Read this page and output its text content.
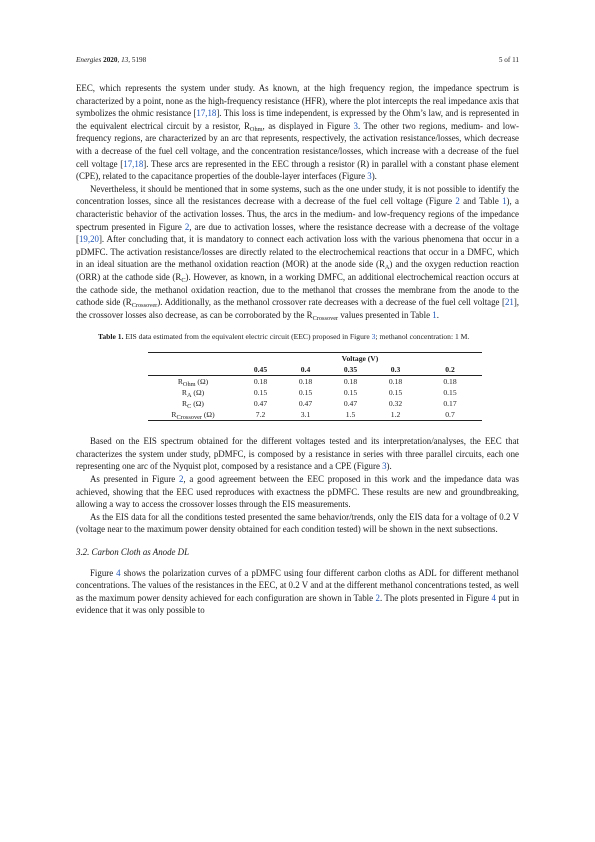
Energies 2020, 13, 5198	5 of 11

EEC, which represents the system under study. As known, at the high frequency region, the impedance spectrum is characterized by a point, none as the high-frequency resistance (HFR), where the plot intercepts the real impedance axis that symbolizes the ohmic resistance [17,18]. This loss is time independent, is expressed by the Ohm’s law, and is represented in the equivalent electrical circuit by a resistor, $R_{Ohm}$, as displayed in Figure 3. The other two regions, medium- and low-frequency regions, are characterized by an arc that represents, respectively, the activation resistance/losses, which decrease with a decrease of the fuel cell voltage, and the concentration resistance/losses, which increase with a decrease of the fuel cell voltage [17,18]. These arcs are represented in the EEC through a resistor (R) in parallel with a constant phase element (CPE), related to the capacitance properties of the double-layer interfaces (Figure 3).

Nevertheless, it should be mentioned that in some systems, such as the one under study, it is not possible to identify the concentration losses, since all the resistances decrease with a decrease of the fuel cell voltage (Figure 2 and Table 1), a characteristic behavior of the activation losses. Thus, the arcs in the medium- and low-frequency regions of the impedance spectrum presented in Figure 2, are due to activation losses, where the resistance decrease with a decrease of the voltage [19,20]. After concluding that, it is mandatory to connect each activation loss with the various phenomena that occur in a pDMFC. The activation resistance/losses are directly related to the electrochemical reactions that occur in a DMFC, which in an ideal situation are the methanol oxidation reaction (MOR) at the anode side $(R_A)$ and the oxygen reduction reaction (ORR) at the cathode side $(R_C)$. However, as known, in a working DMFC, an additional electrochemical reaction occurs at the cathode side, the methanol oxidation reaction, due to the methanol that crosses the membrane from the anode to the cathode side $(R_{Crossover})$. Additionally, as the methanol crossover rate decreases with a decrease of the fuel cell voltage [21], the crossover losses also decrease, as can be corroborated by the $R_{Crossover}$ values presented in Table 1.

Table 1. EIS data estimated from the equivalent electric circuit (EEC) proposed in Figure 3; methanol concentration: 1 M.
	Voltage (V)				
	0.45	0.4	0.35	0.3	0.2
$R_{Ohm}$ (Ω)	0.18	0.18	0.18	0.18	0.18
$R_A$ (Ω)	0.15	0.15	0.15	0.15	0.15
$R_C$ (Ω)	0.47	0.47	0.47	0.32	0.17
$R_{Crossover}$ (Ω)	7.2	3.1	1.5	1.2	0.7

Based on the EIS spectrum obtained for the different voltages tested and its interpretation/analyses, the EEC that characterizes the system under study, pDMFC, is composed by a resistance in series with three parallel circuits, each one representing one arc of the Nyquist plot, composed by a resistance and a CPE (Figure 3).

As presented in Figure 2, a good agreement between the EEC proposed in this work and the impedance data was achieved, showing that the EEC used reproduces with exactness the pDMFC. These results are new and groundbreaking, allowing a way to access the crossover losses through the EIS measurements.

As the EIS data for all the conditions tested presented the same behavior/trends, only the EIS data for a voltage of 0.2 V (voltage near to the maximum power density obtained for each condition tested) will be shown in the next subsections.

3.2. Carbon Cloth as Anode DL

Figure 4 shows the polarization curves of a pDMFC using four different carbon cloths as ADL for different methanol concentrations. The values of the resistances in the EEC, at 0.2 V and at the different methanol concentrations tested, as well as the maximum power density achieved for each configuration are shown in Table 2. The plots presented in Figure 4 put in evidence that it was only possible to
